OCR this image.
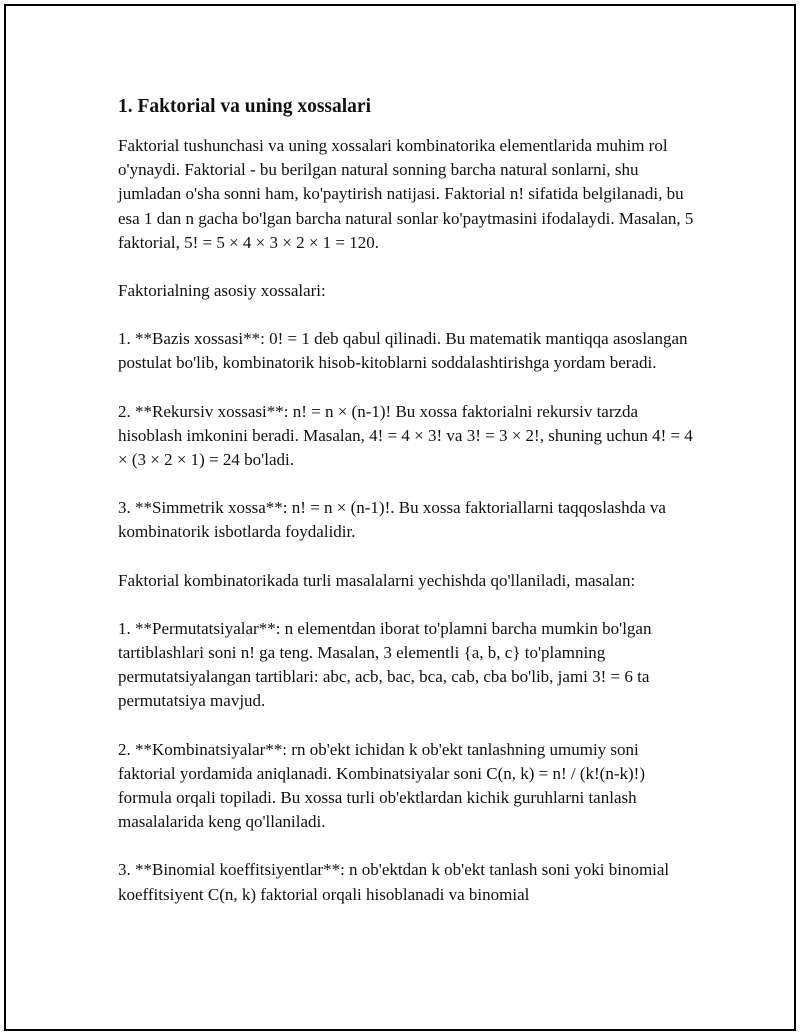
1. Faktorial va uning xossalari

Faktorial tushunchasi va uning xossalari kombinatorika elementlarida muhim rol o'ynaydi. Faktorial - bu berilgan natural sonning barcha natural sonlarni, shu jumladan o'sha sonni ham, ko'paytirish natijasi. Faktorial n! sifatida belgilanadi, bu esa 1 dan n gacha bo'lgan barcha natural sonlar ko'paytmasini ifodalaydi. Masalan, 5 faktorial, 5! = 5 × 4 × 3 × 2 × 1 = 120.

Faktorialning asosiy xossalari:

1. **Bazis xossasi**: 0! = 1 deb qabul qilinadi. Bu matematik mantiqqa asoslangan postulat bo'lib, kombinatorik hisob-kitoblarni soddalashtirishga yordam beradi.

2. **Rekursiv xossasi**: n! = n × (n-1)! Bu xossa faktorialni rekursiv tarzda hisoblash imkonini beradi. Masalan, 4! = 4 × 3! va 3! = 3 × 2!, shuning uchun 4! = 4 × (3 × 2 × 1) = 24 bo'ladi.

3. **Simmetrik xossa**: n! = n × (n-1)!. Bu xossa faktoriallarni taqqoslashda va kombinatorik isbotlarda foydalidir.

Faktorial kombinatorikada turli masalalarni yechishda qo'llaniladi, masalan:

1. **Permutatsiyalar**: n elementdan iborat to'plamni barcha mumkin bo'lgan tartiblashlari soni n! ga teng. Masalan, 3 elementli {a, b, c} to'plamning permutatsiyalangan tartiblari: abc, acb, bac, bca, cab, cba bo'lib, jami 3! = 6 ta permutatsiya mavjud.

2. **Kombinatsiyalar**: rn ob'ekt ichidan k ob'ekt tanlashning umumiy soni faktorial yordamida aniqlanadi. Kombinatsiyalar soni C(n, k) = n! / (k!(n-k)!) formula orqali topiladi. Bu xossa turli ob'ektlardan kichik guruhlarni tanlash masalalarida keng qo'llaniladi.

3. **Binomial koeffitsiyentlar**: n ob'ektdan k ob'ekt tanlash soni yoki binomial koeffitsiyent C(n, k) faktorial orqali hisoblanadi va binomial
